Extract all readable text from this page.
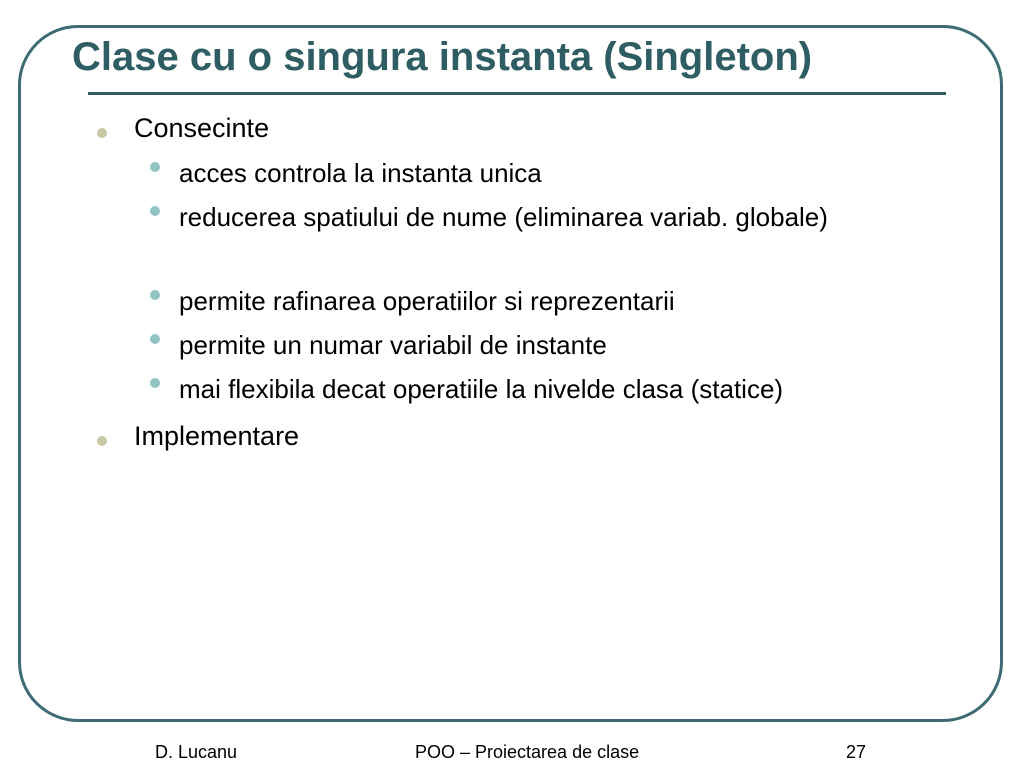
Clase cu o singura instanta (Singleton)
Consecinte
acces controla la instanta unica
reducerea spatiului de nume (eliminarea variab. globale)
permite rafinarea operatiilor si reprezentarii
permite un numar variabil de instante
mai flexibila decat operatiile la nivelde clasa (statice)
Implementare
D. Lucanu	POO – Proiectarea de clase	27
